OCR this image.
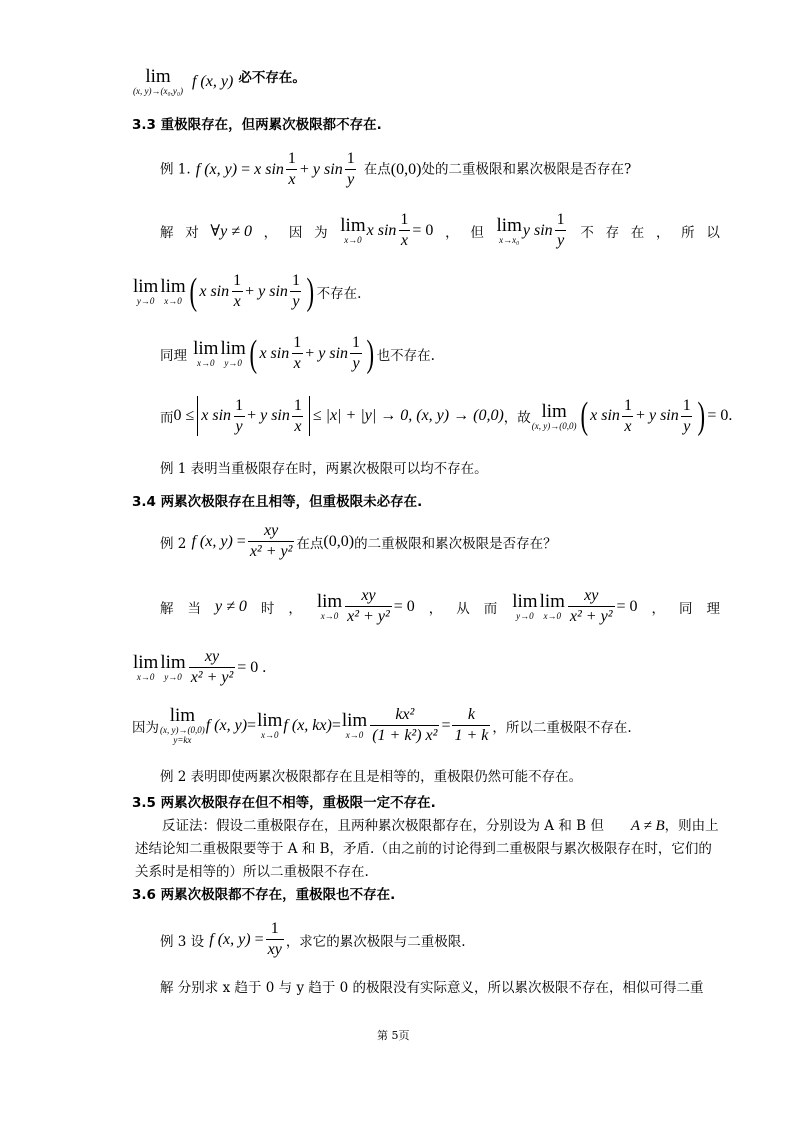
lim
(x, y)→(x₀,y₀)
f (x, y) 必不存在。
3.3 重极限存在，但两累次极限都不存在.
例 1. f (x, y)
=
x $\sin \frac{1}{x}$ +
y $\sin \frac{1}{y}$ 在点(0,0)处的二重极限和累次极限是否存在?
解 对 ∀y ≠ 0 ， 因 为 lim
x→0
x $\sin \frac{1}{x} = 0$ ， 但 lim
x→x₀
y $\sin \frac{1}{y}$ 不 存 在 ， 所 以
lim
y→0
lim
x→0 ( x $\sin \frac{1}{x}$ +
y $\sin \frac{1}{y}$ ) 不存在.
同理
lim
x→0
lim
y→0 ( x $\sin \frac{1}{x}$ +
y $\sin \frac{1}{y}$ ) 也不存在.
而 0 ≤ x $\sin \frac{1}{y}$ +
y $\sin \frac{1}{x} \le |x| + |y| \to 0$, (x, y) → (0,0) ，故 lim
(x, y)→(0,0) ( x $\sin \frac{1}{x}$ +
y $\sin \frac{1}{y}$ ) = 0.
例 1 表明当重极限存在时，两累次极限可以均不存在。
3.4 两累次极限存在且相等，但重极限未必存在.
例 2
f (x, y)
= $\frac{xy}{\text{x² + y²}}$ 在点 (0,0) 的二重极限和累次极限是否存在？
解 当 y ≠ 0 时 ， lim
$x\to 0 \frac{xy}{\text{x² + y²}} = 0$ ， 从 而 lim
y→0
lim
$x\to 0 \frac{xy}{\text{x² + y²}} = 0$ ， 同 理
lim
x→0
lim
$y\to 0 \frac{xy}{\text{x² + y²}} = 0$ .
因为
lim
(x, y)→(0,0)
y=kx
f (x, y) = lim
x→0
f (x, kx) = lim
$x\to 0 \frac{\text{kx²}}{\text{(1 + k²) x²}} = \frac{k}{1 + k}$ ，所以二重极限不存在.
例 2 表明即使两累次极限都存在且是相等的，重极限仍然可能不存在。
3.5 两累次极限存在但不相等，重极限一定不存在.
反证法：假设二重极限存在，且两种累次极限都存在，分别设为 A 和 B 但 A ≠ B，则由上述结论知二重极限要等于 A 和 B，矛盾.（由之前的讨论得到二重极限与累次极限存在时，它们的关系时是相等的）所以二重极限不存在.
3.6 两累次极限都不存在，重极限也不存在.
例 3 设
f (x, y)
= $\frac{1}{xy}$ ，求它的累次极限与二重极限.
解 分别求 x 趋于 0 与 y 趋于 0 的极限没有实际意义，所以累次极限不存在，相似可得二重
第 5页
